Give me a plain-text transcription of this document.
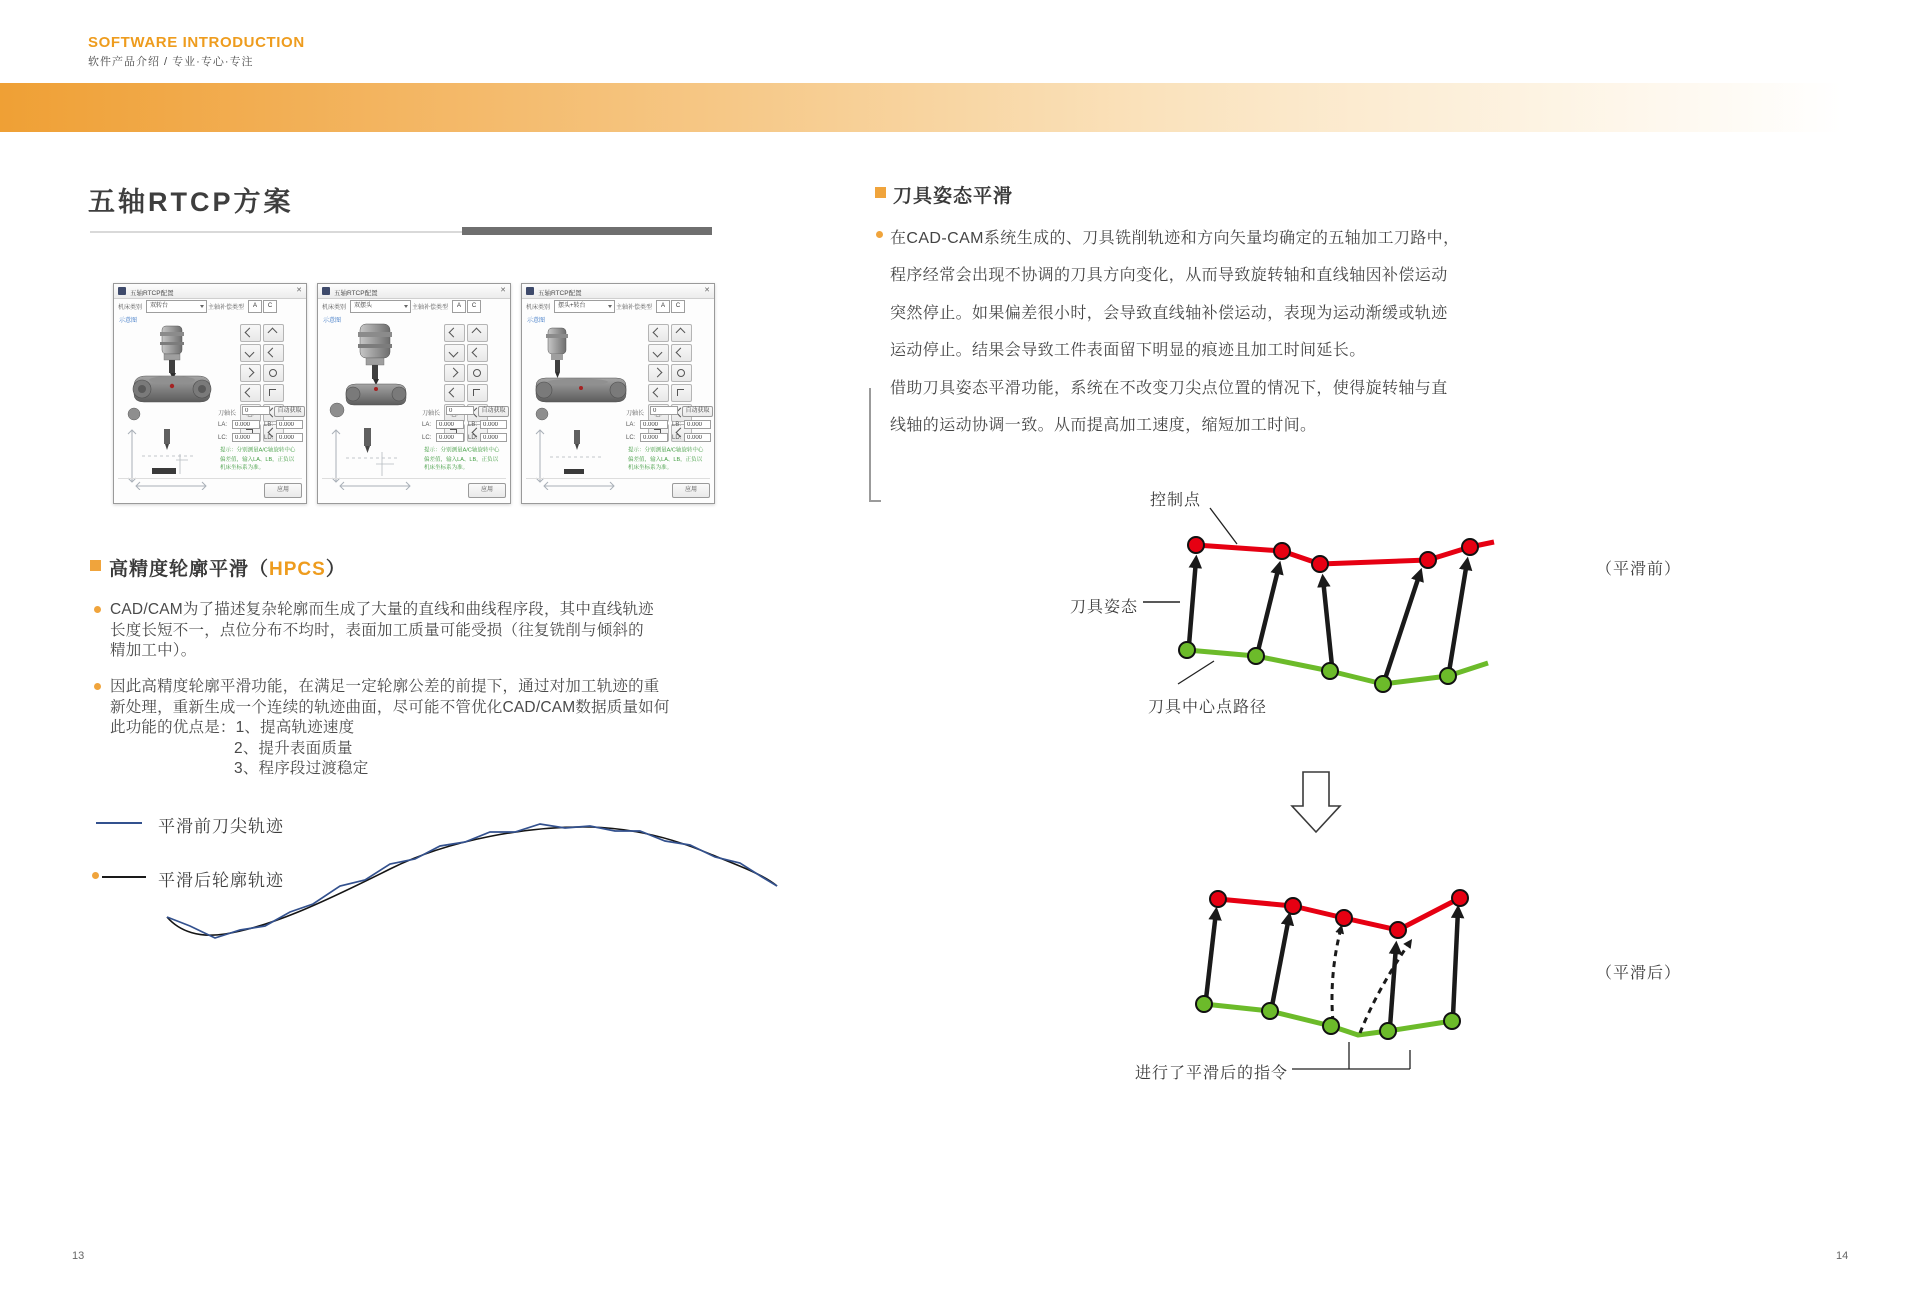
SOFTWARE INTRODUCTION
软件产品介绍 / 专业·专心·专注
五轴RTCP方案
五轴RTCP配置	✕
机床类别	双转台	主轴补偿类型	A	C
示意图
刀轴长
0	自动获取
LA:
0.000	LB:
0.000
LC:
0.000	LD:
0.000
提示：分别测量A/C轴旋转中心偏差值，输入LA、LB，正负以机床坐标系为准。
应用
五轴RTCP配置	✕
机床类别	双摆头	主轴补偿类型	A	C
示意图
刀轴长
0	自动获取
LA:
0.000	LB:
0.000
LC:
0.000	LD:
0.000
提示：分别测量A/C轴旋转中心偏差值，输入LA、LB，正负以机床坐标系为准。
应用
五轴RTCP配置	✕
机床类别	摆头+转台	主轴补偿类型	A	C
示意图
刀轴长
0	自动获取
LA:
0.000	LB:
0.000
LC:
0.000	LD:
0.000
提示：分别测量A/C轴旋转中心偏差值，输入LA、LB，正负以机床坐标系为准。
应用
高精度轮廓平滑（HPCS）
CAD/CAM为了描述复杂轮廓而生成了大量的直线和曲线程序段，其中直线轨迹
长度长短不一，点位分布不均时，表面加工质量可能受损（往复铣削与倾斜的
精加工中）。
因此高精度轮廓平滑功能，在满足一定轮廓公差的前提下，通过对加工轨迹的重
新处理，重新生成一个连续的轨迹曲面，尽可能不管优化CAD/CAM数据质量如何
此功能的优点是：1、提高轨迹速度
2、提升表面质量
3、程序段过渡稳定
平滑前刀尖轨迹
平滑后轮廓轨迹
刀具姿态平滑
在CAD-CAM系统生成的、刀具铣削轨迹和方向矢量均确定的五轴加工刀路中，
程序经常会出现不协调的刀具方向变化，从而导致旋转轴和直线轴因补偿运动
突然停止。如果偏差很小时，会导致直线轴补偿运动，表现为运动渐缓或轨迹
运动停止。结果会导致工件表面留下明显的痕迹且加工时间延长。
借助刀具姿态平滑功能，系统在不改变刀尖点位置的情况下，使得旋转轴与直
线轴的运动协调一致。从而提高加工速度，缩短加工时间。
控制点
刀具姿态
刀具中心点路径
（平滑前）
（平滑后）
进行了平滑后的指令
13	14
